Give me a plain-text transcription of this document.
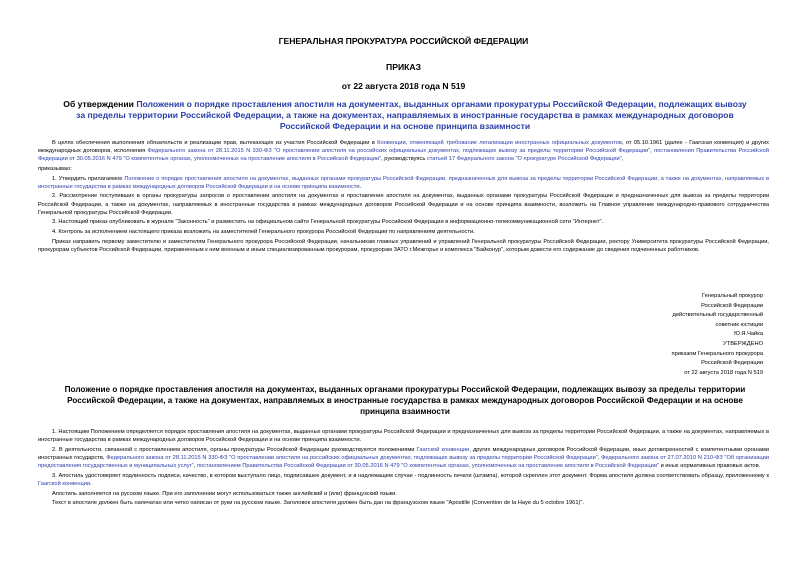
ГЕНЕРАЛЬНАЯ ПРОКУРАТУРА РОССИЙСКОЙ ФЕДЕРАЦИИ
ПРИКАЗ
от 22 августа 2018 года N 519
Об утверждении Положения о порядке проставления апостиля на документах, выданных органами прокуратуры Российской Федерации, подлежащих вывозу за пределы территории Российской Федерации, а также на документах, направляемых в иностранные государства в рамках международных договоров Российской Федерации и на основе принципа взаимности

В целях обеспечения выполнения обязательств и реализации прав, вытекающих из участия Российской Федерации в Конвенции, отменяющей требование легализации иностранных официальных документов, от 05.10.1961 (далее - Гаагская конвенция) и других международных договоров, исполнения Федерального закона от 28.11.2015 N 330-ФЗ "О проставлении апостиля на российских официальных документах, подлежащих вывозу за пределы территории Российской Федерации", постановления Правительства Российской Федерации от 30.05.2016 N 479 "О компетентных органах, уполномоченных на проставление апостиля в Российской Федерации", руководствуясь статьей 17 Федерального закона "О прокуратуре Российской Федерации",

приказываю:

1. Утвердить прилагаемое Положение о порядке проставления апостиля на документах, выданных органами прокуратуры Российской Федерации, предназначенных для вывоза за пределы территории Российской Федерации, а также на документах, направляемых в иностранные государства в рамках международных договоров Российской Федерации и на основе принципа взаимности.

2. Рассмотрение поступивших в органы прокуратуры запросов о проставлении апостиля на документах и проставление апостиля на документах, выданных органами прокуратуры Российской Федерации и предназначенных для вывоза за пределы территории Российской Федерации, а также на документах, направляемых в иностранные государства в рамках международных договоров Российской Федерации и на основе принципа взаимности, возложить на Главное управление международно-правового сотрудничества Генеральной прокуратуры Российской Федерации.

3. Настоящий приказ опубликовать в журнале "Законность" и разместить на официальном сайте Генеральной прокуратуры Российской Федерации в информационно-телекоммуникационной сети "Интернет".

4. Контроль за исполнением настоящего приказа возложить на заместителей Генерального прокурора Российской Федерации по направлениям деятельности.

Приказ направить первому заместителю и заместителям Генерального прокурора Российской Федерации, начальникам главных управлений и управлений Генеральной прокуратуры Российской Федерации, ректору Университета прокуратуры Российской Федерации, прокурорам субъектов Российской Федерации, приравненным к ним военным и иным специализированным прокурорам, прокурорам ЗАТО г.Межгорье и комплекса "Байконур", которым довести его содержание до сведения подчиненных работников.

Генеральный прокурор
Российской Федерации
действительный государственный
советник юстиции
Ю.Я.Чайка
УТВЕРЖДЕНО
приказом Генерального прокурора
Российской Федерации
от 22 августа 2018 года N 519
Положение о порядке проставления апостиля на документах, выданных органами прокуратуры Российской Федерации, подлежащих вывозу за пределы территории Российской Федерации, а также на документах, направляемых в иностранные государства в рамках международных договоров Российской Федерации и на основе принципа взаимности

1. Настоящим Положением определяется порядок проставления апостиля на документах, выданных органами прокуратуры Российской Федерации и предназначенных для вывоза за пределы территории Российской Федерации, а также на документах, направляемых в иностранные государства в рамках международных договоров Российской Федерации и на основе принципа взаимности.

2. В деятельности, связанной с проставлением апостиля, органы прокуратуры Российской Федерации руководствуются положениями Гаагской конвенции, других международных договоров Российской Федерации, иных договоренностей с компетентными органами иностранных государств, Федерального закона от 28.11.2015 N 330-ФЗ "О проставлении апостиля на российских официальных документах, подлежащих вывозу за пределы территории Российской Федерации", Федерального закона от 27.07.2010 N 210-ФЗ "Об организации предоставления государственных и муниципальных услуг", постановлением Правительства Российской Федерации от 30.05.2016 N 479 "О компетентных органах, уполномоченных на проставление апостиля в Российской Федерации" и иных нормативных правовых актов.

3. Апостиль удостоверяет подлинность подписи, качество, в котором выступало лицо, подписавшее документ, и в надлежащем случае - подлинность печати (штампа), которой скреплен этот документ. Форма апостиля должна соответствовать образцу, приложенному к Гаагской конвенции.

Апостиль заполняется на русском языке. При его заполнении могут использоваться также английский и (или) французский языки.

Текст в апостиле должен быть напечатан или четко написан от руки на русском языке. Заголовок апостиля должен быть дан на французском языке "Apostille (Convention de la Haye du 5 octobre 1961)".
